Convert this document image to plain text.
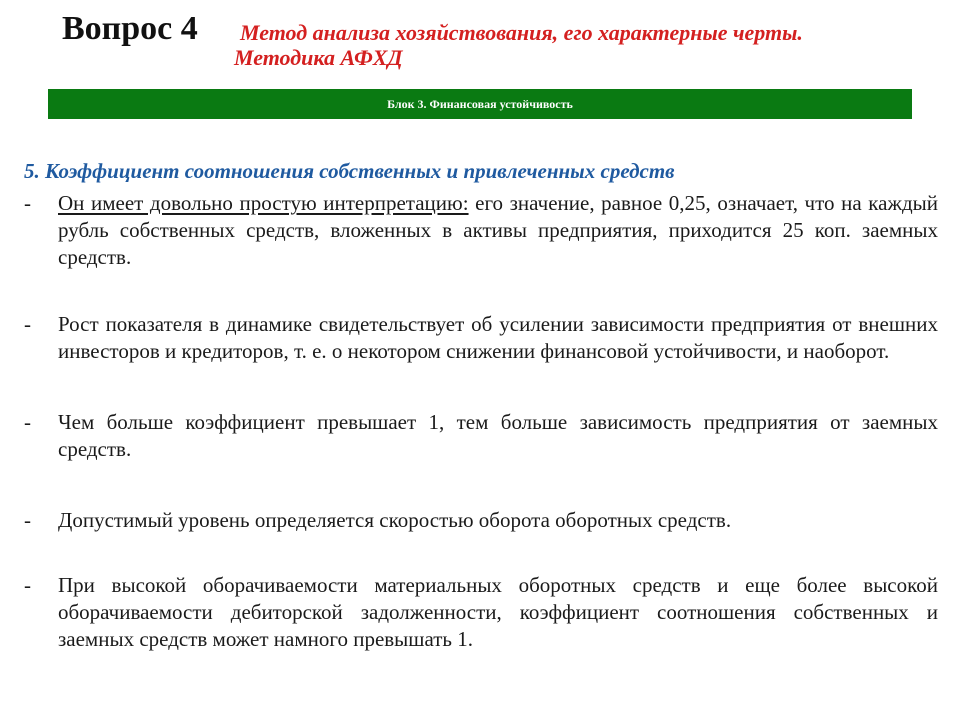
Вопрос 4 Метод анализа хозяйствования, его характерные черты.
Методика АФХД
Блок 3. Финансовая устойчивость
5. Коэффициент соотношения собственных и привлеченных средств
- Он имеет довольно простую интерпретацию: его значение, равное 0,25, означает, что на каждый рубль собственных средств, вложенных в активы предприятия, приходится 25 коп. заемных средств.
- Рост показателя в динамике свидетельствует об усилении зависимости предприятия от внешних инвесторов и кредиторов, т. е. о некотором снижении финансовой устойчивости, и наоборот.
- Чем больше коэффициент превышает 1, тем больше зависимость предприятия от заемных средств.
- Допустимый уровень определяется скоростью оборота оборотных средств.
- При высокой оборачиваемости материальных оборотных средств и еще более высокой оборачиваемости дебиторской задолженности, коэффициент соотношения собственных и заемных средств может намного превышать 1.
